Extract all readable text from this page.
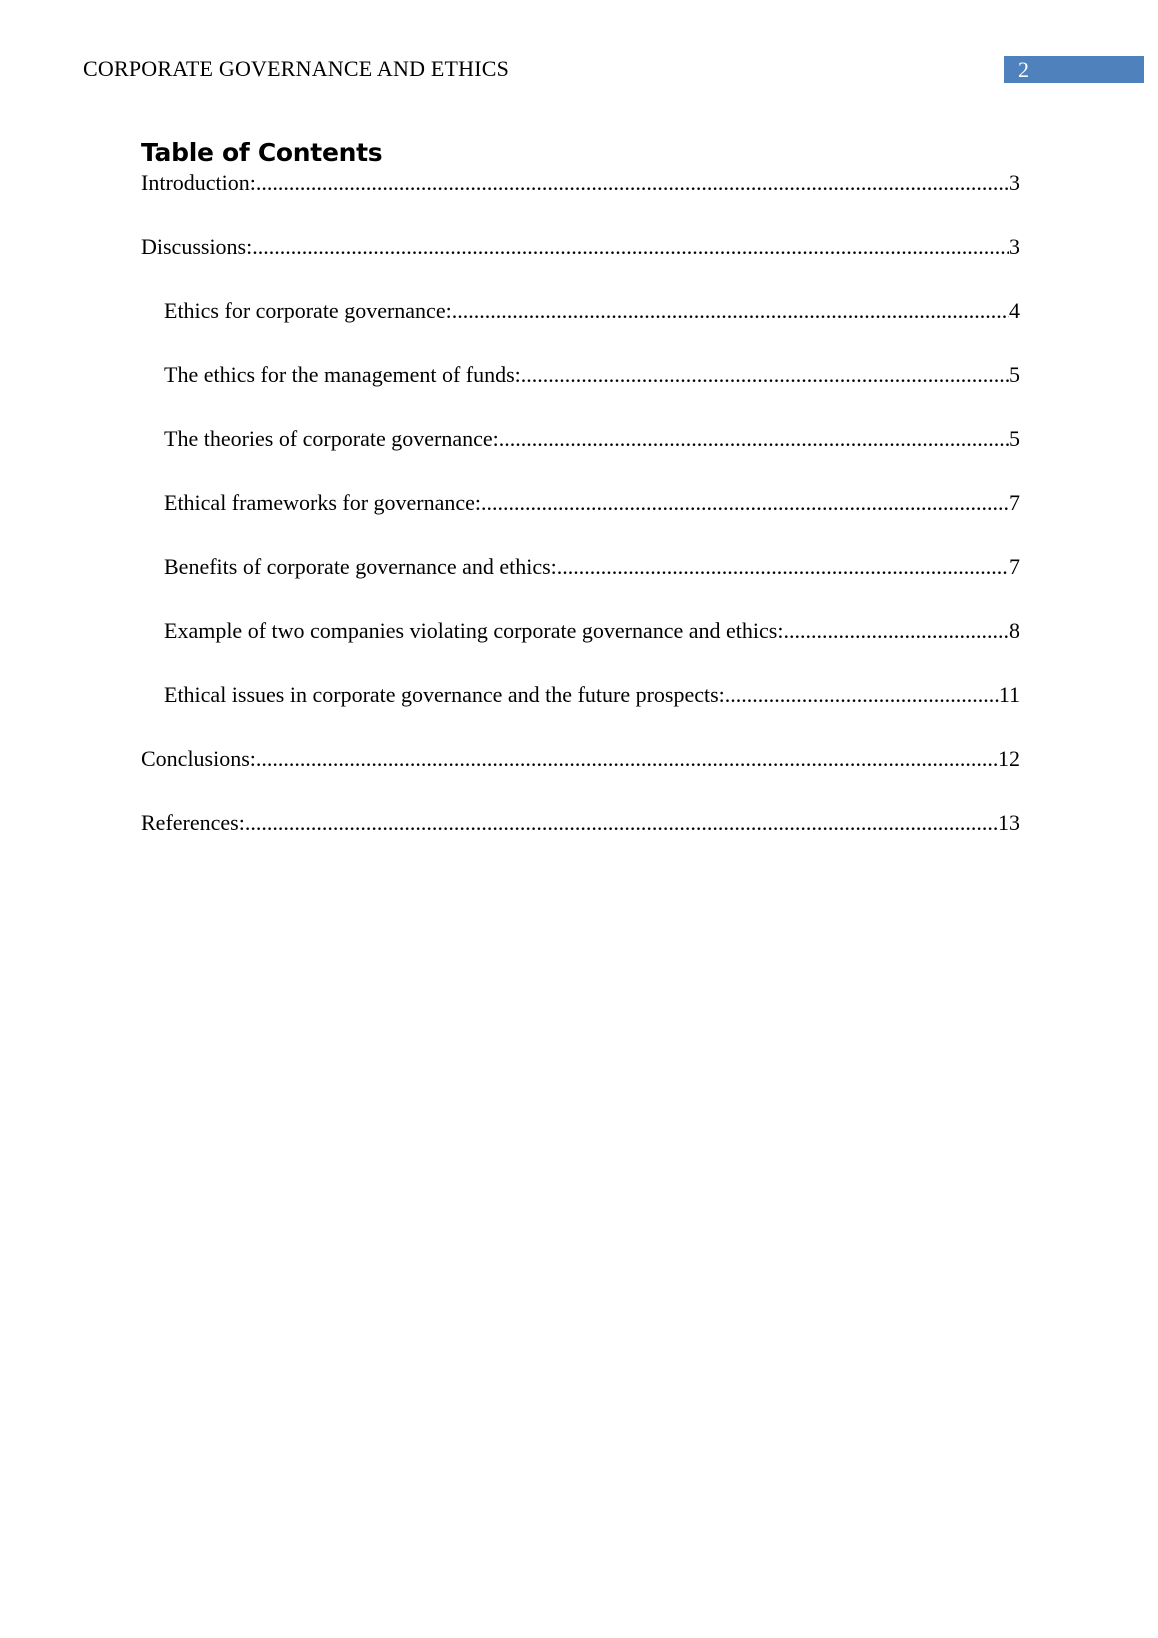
CORPORATE GOVERNANCE AND ETHICS	2
Table of Contents
Introduction: .....	3
Discussions: .....	3
Ethics for corporate governance: .....	4
The ethics for the management of funds: .....	5
The theories of corporate governance: .....	5
Ethical frameworks for governance: .....	7
Benefits of corporate governance and ethics: .....	7
Example of two companies violating corporate governance and ethics: .....	8
Ethical issues in corporate governance and the future prospects: .....	11
Conclusions: .....	12
References: .....	13
